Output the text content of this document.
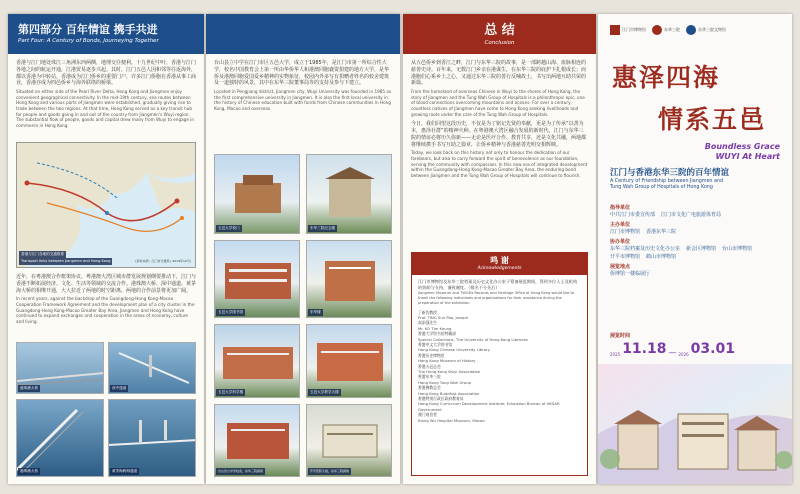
第四部分 百年情谊 携手共进
Part Four: A Century of Bonds, Journeying Together
香港与江门地处珠江三角洲东西两侧，地理交往便利。十九世纪中叶，香港与江门各地之间的航运开通，江港贸易逐步兴起。其时，江门五邑人因和邻等往返海外，都以香港为中转站，香港成为江门侨乡的重要门户，许多江门侨胞在香港从事工商业，香港亦成为四邑侨乡与海外联络的桥梁。
Situated on either side of the Pearl River Delta, Hong Kong and Jiangmen enjoy convenient geographical connectivity. In the mid-19th century, sea routes between Hong Kong and various parts of Jiangmen were established, gradually giving rise to trade between the two regions. At that time, Hong Kong served as a key transit hub for people and goods going in and out of the country from Jiangmen's Wuyi region. The substantial flow of people, goods and capital drew many from Wuyi to engage in commerce in Hong Kong.
香港与江门各地的交通联系
Transport links between Jiangmen and Hong Kong	(资料来源：江门市交通局 | 2019年12月)
近年，在粤港澳合作框架协议、粤港澳大湾区城市群发展规划纲要推动下，江门与香港不断拓展经济、文化、生活等领域的交流合作。港珠澳大桥、深中通道、黄茅海大桥的相继开通，大大拉近了两地的时空距离，两地的合作前景将更加广阔。
In recent years, against the backdrop of the Guangdong-Hong Kong-Macao Cooperation Framework Agreement and the development plan of a city cluster in the Guangdong-Hong Kong-Macao Greater Bay Area, Jiangmen and Hong Kong have continued to expand exchanges and cooperation in the areas of economy, culture and living.
港珠澳大桥	深中通道
港珠澳大桥	黄茅海跨海通道
台山县立中学在江门市区五邑大学，成立于1985年，是江门市第一所综合性大学，校名中国教育会上第一所由华侨华人和港澳同胞襄资捐建的地方大学，是华侨及港澳同胞爱国爱乡精神的实物象征，校园内外多写有捐赠者姓名的校舍建筑及一道独特的风景，其中在东华三院董事局等的支持及参与下建立。
Located in Pengjiang district, Jiangmen city, Wuyi University was founded in 1985 as the first comprehensive university in Jiangmen. It is also the first local university in the history of Chinese education built with funds from Chinese communities in Hong Kong, Macao and overseas.
五邑大学校门	东华三院纪念楼
五邑大学图书馆	东华楼
五邑大学科学楼	五邑大学教学大楼
台山县立中学校舍，东华三院捐建	开平医院大楼，东华三院捐建
总 结
Conclusion
从五邑侨乡到香江之畔，江门与东华三院的故事，是一部跨越山海、血脉相连的慈善史诗。百年来，无数江门乡亲在港谋生，在东华三院的庇护下扎根成长；而港胞们心系乡土之心，又通过东华三院的善行反哺故土，书写出两地互助共荣的新篇。
From the homeland of overseas Chinese in Wuyi to the shores of Hong Kong, the story of Jiangmen and the Tung Wah Group of Hospitals is a philanthropic epic, one of blood connections overcoming mountains and oceans. For over a century, countless natives of Jiangmen have come to Hong Kong seeking livelihoods and growing roots under the care of the Tung Wah Group of Hospitals.
今日，我们回望这段历史，不仅是为了铭记先贤的奉献，更是为了传承“以善为本，惠泽社群”的精神火种。在粤港澳大湾区融合发展的新时代，江门与东华三院的情谊必将历久弥新——无论是医疗合作、教育共享，还是文化共融，两地都将继续携手书写互助之篇章，让侨乡精神与香港慈善光明交相辉映。
Today, we look back on this history not only to honour the dedication of our forebears, but also to carry forward the spirit of benevolence as our foundation, serving the community with compassion. In this new era of integrated development within the Guangdong-Hong Kong-Macao Greater Bay Area, the enduring bond between Jiangmen and the Tung Wah Group of Hospitals will continue to flourish.
鸣 谢
Acknowledgements
江门市博物馆及东华三院档案及历史文化办公室于筹备展览期间，得到多位人士及机构的协助与支持，谨致谢忱。（排名不分先后）
Jiangmen Museum and TWGHs Records and Heritage Office of Hong Kong would like to thank the following individuals and organisations for their assistance during the preparation of the exhibition.
丁新豹教授
Prof. TING Sun Pao, Joseph
高添强先生
Mr. KO Tim Keung
香港大学图书馆特藏部
Special Collections, The University of Hong Kong Libraries
香港中文大学图书馆
Hong Kong Chinese University Library
香港历史博物馆
Hong Kong Museum of History
香港五邑总会
The Hong Kong Wuyi Association
香港东华三院
Hong Kong Tung Wah Group
香港佛教总会
Hong Kong Buddhist Association
香港特别行政区政府教育局
Hong Kong Curriculum Development Institute, Education Bureau of HKSAR Government
澳门观音堂
Kiang Wu Hospital Museum, Macao
江门市博物馆	东华三院	东华三院文物馆
惠泽四海
情系五邑
Boundless Grace
WUYI At Heart
江门与香港东华三院的百年情谊
A Century of Friendship between Jiangmen and
Tung Wah Group of Hospitals of Hong Kong
指导单位
中共江门市委宣传部 江门市文化广电旅游体育局
主办单位
江门市博物馆 香港东华三院
协办单位
东华三院档案及历史文化办公室 新会区博物馆 台山市博物馆
开平市博物馆 鹤山市博物馆
展览地点
侨博馆一楼临展厅
展览时间
2025 11.18 — 2026 03.01
